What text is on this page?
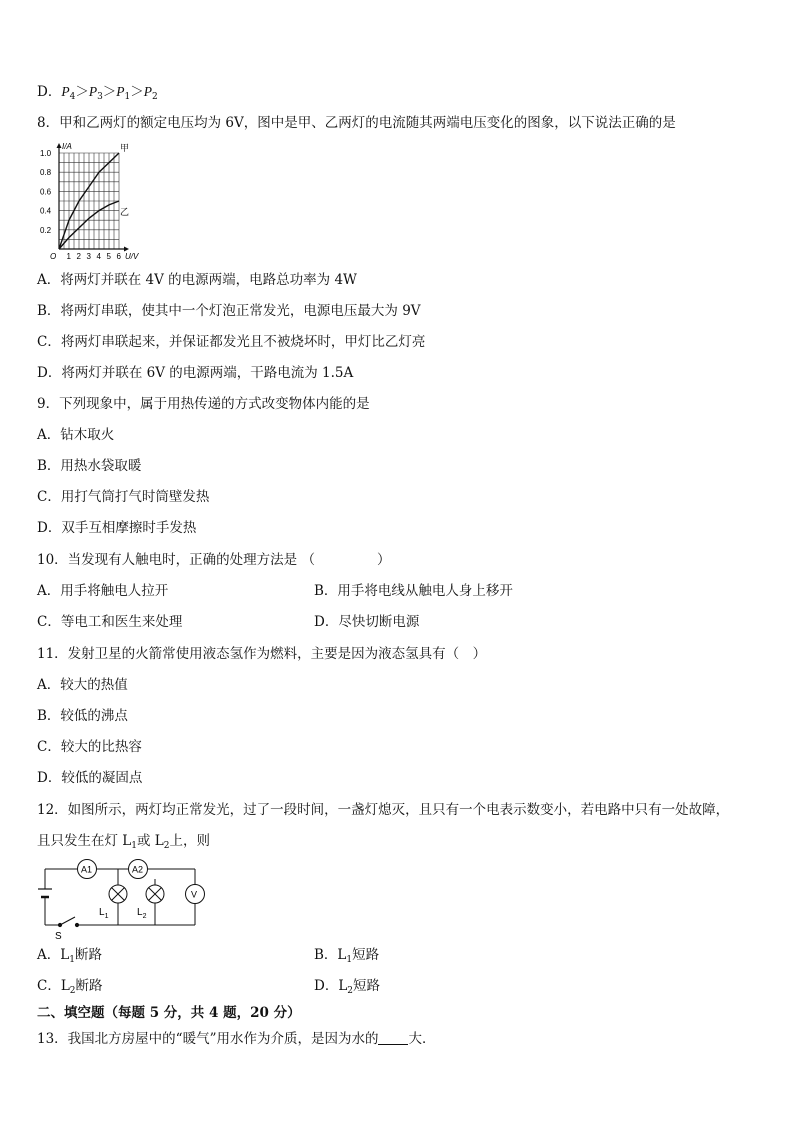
D．$P_4>P_3>P_1>P_2$
8．甲和乙两灯的额定电压均为 6V，图中是甲、乙两灯的电流随其两端电压变化的图象，以下说法正确的是
1 2 3 4 5 6
0.2
0.4
0.6
0.8
1.0
O	U/V
I/A	甲
乙
A．将两灯并联在 4V 的电源两端，电路总功率为 4W
B．将两灯串联，使其中一个灯泡正常发光，电源电压最大为 9V
C．将两灯串联起来，并保证都发光且不被烧坏时，甲灯比乙灯亮
D．将两灯并联在 6V 的电源两端，干路电流为 1.5A
9．下列现象中，属于用热传递的方式改变物体内能的是
A．钻木取火
B．用热水袋取暖
C．用打气筒打气时筒壁发热
D．双手互相摩擦时手发热
10．当发现有人触电时，正确的处理方法是 （	）
A．用手将触电人拉开	B．用手将电线从触电人身上移开
C．等电工和医生来处理	D．尽快切断电源
11．发射卫星的火箭常使用液态氢作为燃料，主要是因为液态氢具有（　）
A．较大的热值
B．较低的沸点
C．较大的比热容
D．较低的凝固点
12．如图所示，两灯均正常发光，过了一段时间，一盏灯熄灭，且只有一个电表示数变小，若电路中只有一处故障，
且只发生在灯 $L_1$或 $L_2$上，则
S
A1	A2
$L_1$	$L_2$
V
A．$L_1$断路	B．$L_1$短路
C．$L_2$断路	D．$L_2$短路
二、填空题（每题 5 分，共 4 题，20 分）
13．我国北方房屋中的“暖气”用水作为介质，是因为水的 大．
